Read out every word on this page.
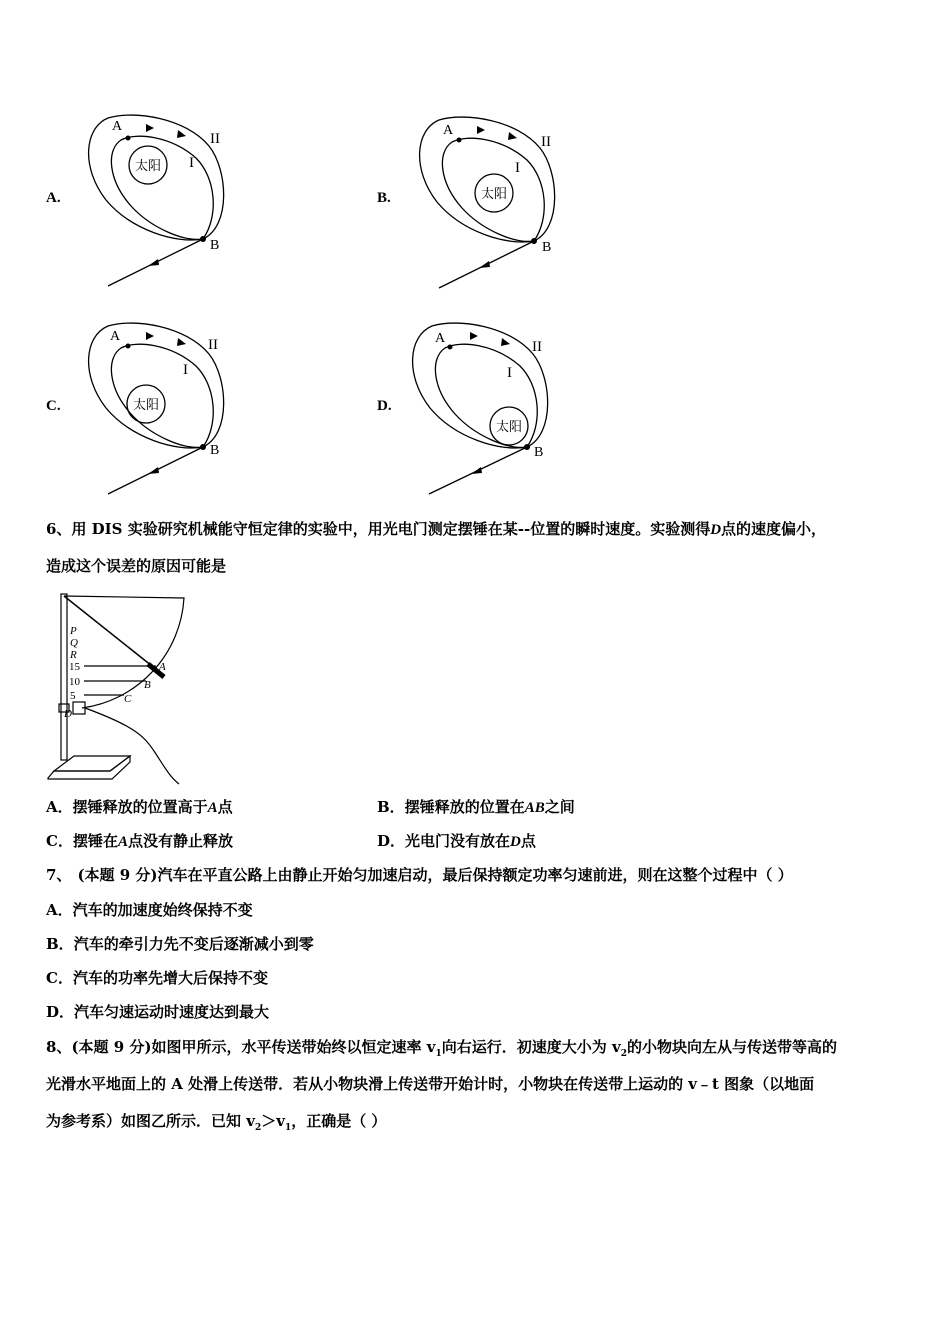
A.
A
B
II
I
太阳
B.
A
B
II
I
太阳
C.
A
B
II
I
太阳	D.
A
B
II
I
太阳
6、用 DIS 实验研究机械能守恒定律的实验中，用光电门测定摆锤在某--位置的瞬时速度。实验测得D点的速度偏小，
造成这个误差的原因可能是
P
Q
R
15
10
5
D
A
B
C
A．摆锤释放的位置高于A点	B．摆锤释放的位置在AB之间
C．摆锤在A点没有静止释放	D．光电门没有放在D点
7、 (本题 9 分)汽车在平直公路上由静止开始匀加速启动，最后保持额定功率匀速前进，则在这整个过程中（ ）
A．汽车的加速度始终保持不变
B．汽车的牵引力先不变后逐渐减小到零
C．汽车的功率先增大后保持不变
D．汽车匀速运动时速度达到最大
8、(本题 9 分)如图甲所示，水平传送带始终以恒定速率 $v_1$向右运行．初速度大小为 $v_2$的小物块向左从与传送带等高的
光滑水平地面上的 A 处滑上传送带．若从小物块滑上传送带开始计时，小物块在传送带上运动的 v﹣t 图象（以地面
为参考系）如图乙所示．已知 $v_2>v_1$，正确是（ ）
